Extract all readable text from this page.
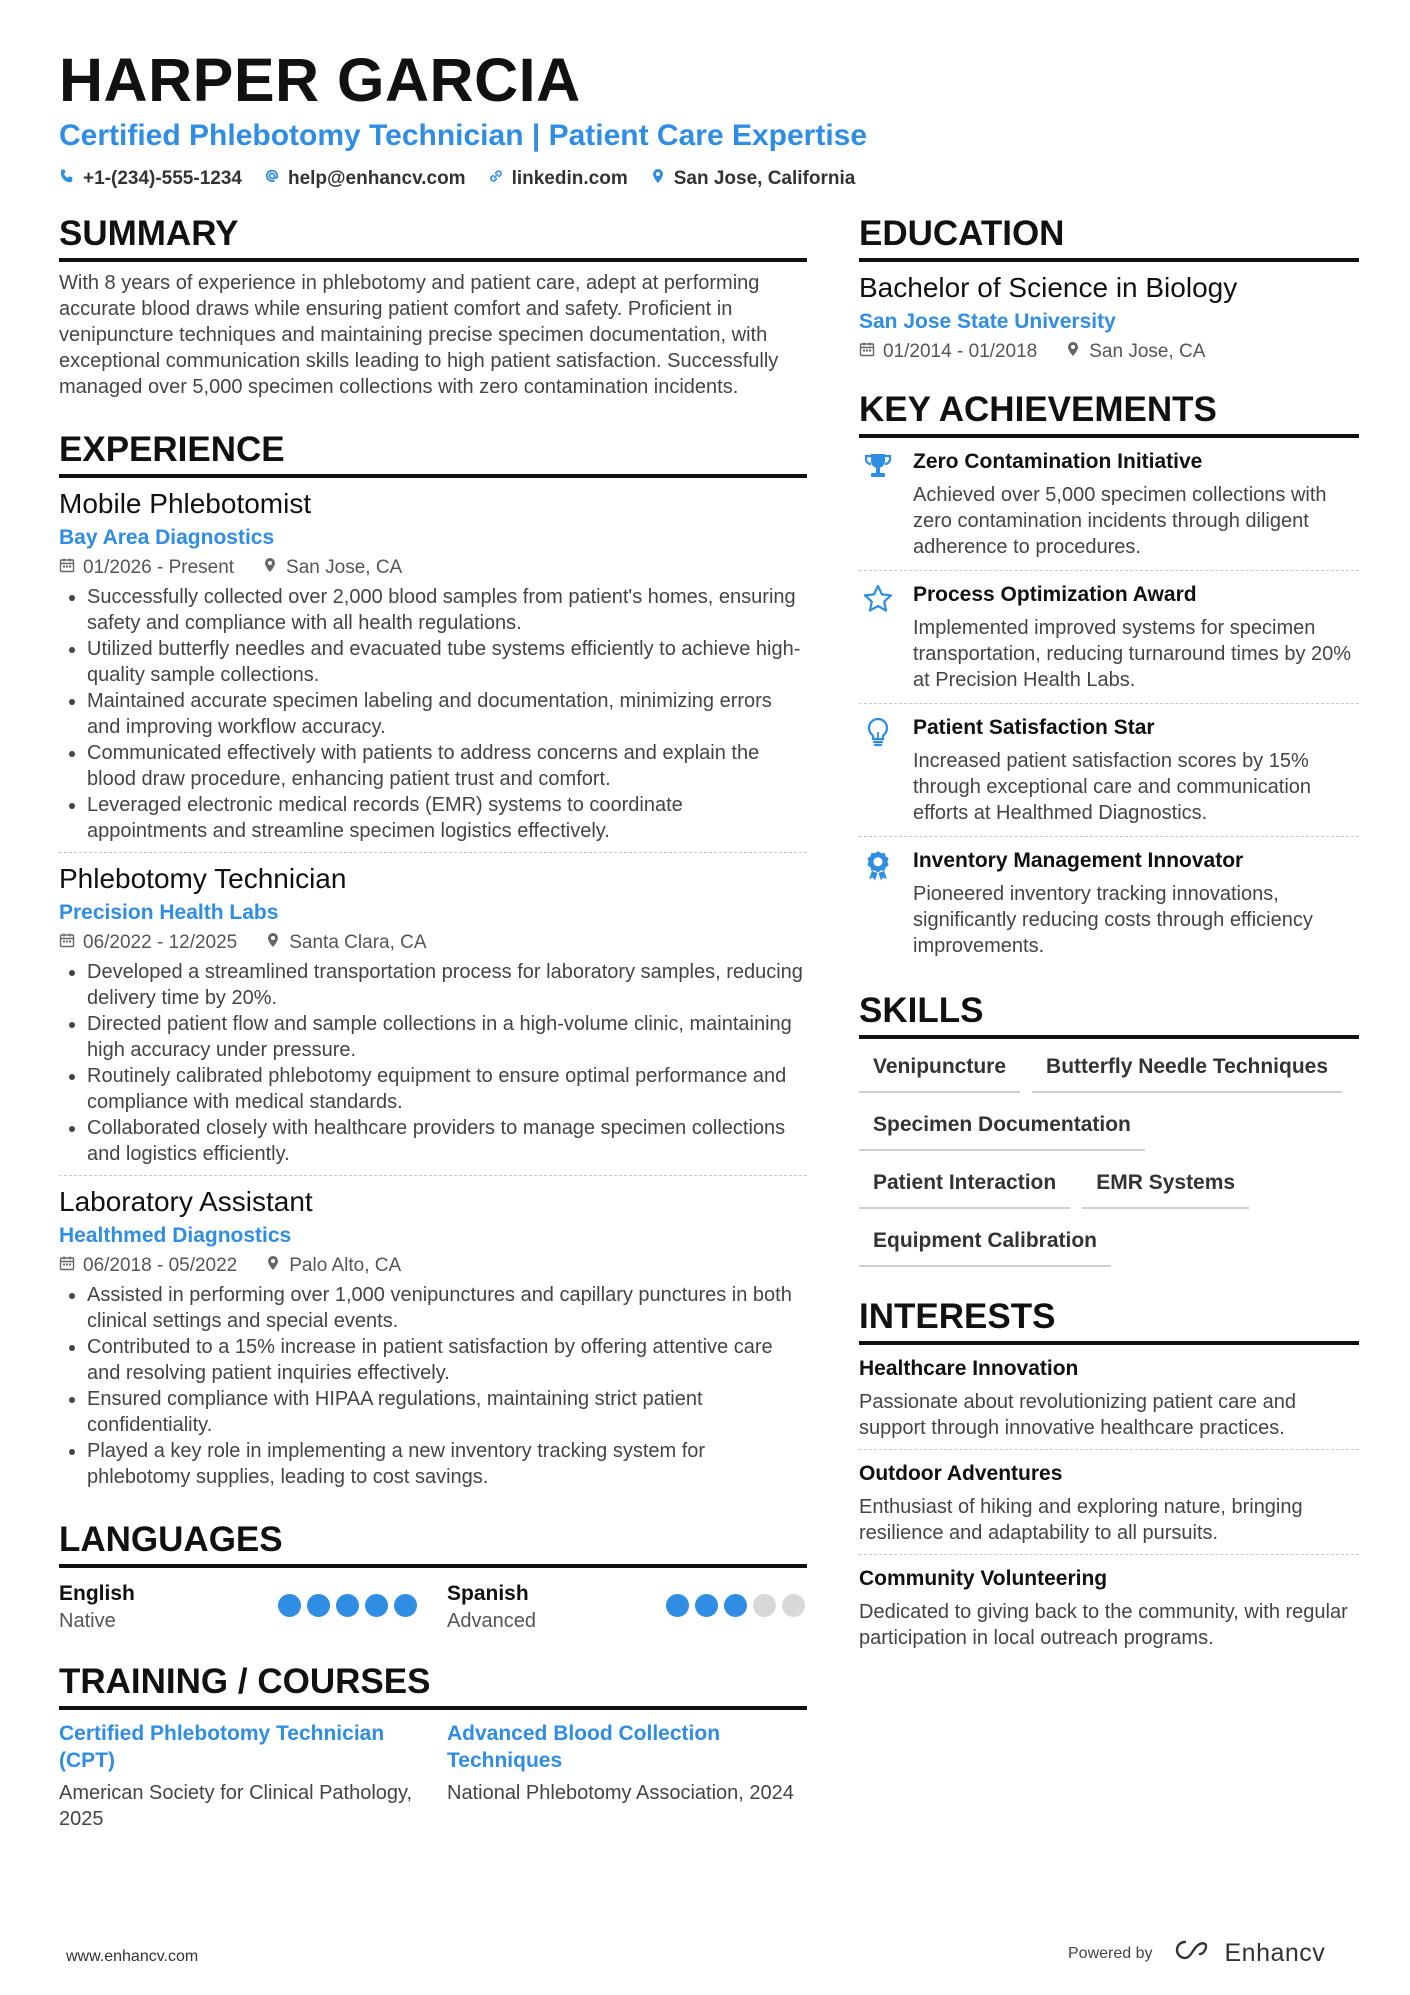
HARPER GARCIA
Certified Phlebotomy Technician | Patient Care Expertise
+1-(234)-555-1234 help@enhancv.com linkedin.com San Jose, California
SUMMARY

With 8 years of experience in phlebotomy and patient care, adept at performing accurate blood draws while ensuring patient comfort and safety. Proficient in venipuncture techniques and maintaining precise specimen documentation, with exceptional communication skills leading to high patient satisfaction. Successfully managed over 5,000 specimen collections with zero contamination incidents.

EXPERIENCE
Mobile Phlebotomist
Bay Area Diagnostics
01/2026 - Present	San Jose, CA
• Successfully collected over 2,000 blood samples from patient's homes, ensuring safety and compliance with all health regulations.
• Utilized butterfly needles and evacuated tube systems efficiently to achieve high-quality sample collections.
• Maintained accurate specimen labeling and documentation, minimizing errors and improving workflow accuracy.
• Communicated effectively with patients to address concerns and explain the blood draw procedure, enhancing patient trust and comfort.
• Leveraged electronic medical records (EMR) systems to coordinate appointments and streamline specimen logistics effectively.
Phlebotomy Technician
Precision Health Labs
06/2022 - 12/2025	Santa Clara, CA
• Developed a streamlined transportation process for laboratory samples, reducing delivery time by 20%.
• Directed patient flow and sample collections in a high-volume clinic, maintaining high accuracy under pressure.
• Routinely calibrated phlebotomy equipment to ensure optimal performance and compliance with medical standards.
• Collaborated closely with healthcare providers to manage specimen collections and logistics efficiently.
Laboratory Assistant
Healthmed Diagnostics
06/2018 - 05/2022	Palo Alto, CA
• Assisted in performing over 1,000 venipunctures and capillary punctures in both clinical settings and special events.
• Contributed to a 15% increase in patient satisfaction by offering attentive care and resolving patient inquiries effectively.
• Ensured compliance with HIPAA regulations, maintaining strict patient confidentiality.
• Played a key role in implementing a new inventory tracking system for phlebotomy supplies, leading to cost savings.
LANGUAGES
English
Native
Spanish
Advanced
TRAINING / COURSES
Certified Phlebotomy Technician (CPT)
American Society for Clinical Pathology, 2025
Advanced Blood Collection Techniques
National Phlebotomy Association, 2024
EDUCATION
Bachelor of Science in Biology
San Jose State University
01/2014 - 01/2018	San Jose, CA
KEY ACHIEVEMENTS
Zero Contamination Initiative
Achieved over 5,000 specimen collections with zero contamination incidents through diligent adherence to procedures.
Process Optimization Award
Implemented improved systems for specimen transportation, reducing turnaround times by 20% at Precision Health Labs.
Patient Satisfaction Star
Increased patient satisfaction scores by 15% through exceptional care and communication efforts at Healthmed Diagnostics.
Inventory Management Innovator
Pioneered inventory tracking innovations, significantly reducing costs through efficiency improvements.
SKILLS
Venipuncture	Butterfly Needle Techniques
Specimen Documentation
Patient Interaction	EMR Systems
Equipment Calibration
INTERESTS
Healthcare Innovation
Passionate about revolutionizing patient care and support through innovative healthcare practices.
Outdoor Adventures
Enthusiast of hiking and exploring nature, bringing resilience and adaptability to all pursuits.
Community Volunteering
Dedicated to giving back to the community, with regular participation in local outreach programs.
www.enhancv.com	Powered by	Enhancv
